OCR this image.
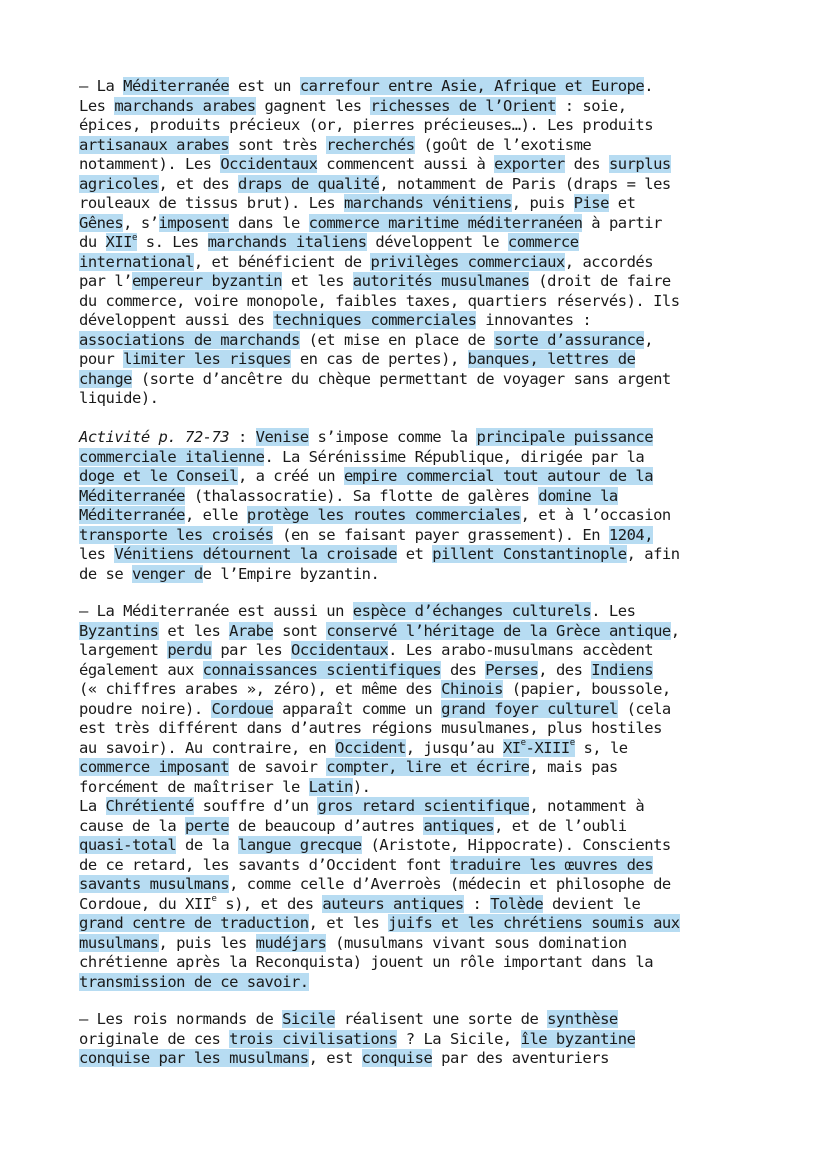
– La Méditerranée est un carrefour entre Asie, Afrique et Europe.
Les marchands arabes gagnent les richesses de l’Orient : soie,
épices, produits précieux (or, pierres précieuses…). Les produits
artisanaux arabes sont très recherchés (goût de l’exotisme
notamment). Les Occidentaux commencent aussi à exporter des surplus
agricoles, et des draps de qualité, notamment de Paris (draps = les
rouleaux de tissus brut). Les marchands vénitiens, puis Pise et
Gênes, s’imposent dans le commerce maritime méditerranéen à partir
du XIIe s. Les marchands italiens développent le commerce
international, et bénéficient de privilèges commerciaux, accordés
par l’empereur byzantin et les autorités musulmanes (droit de faire
du commerce, voire monopole, faibles taxes, quartiers réservés). Ils
développent aussi des techniques commerciales innovantes :
associations de marchands (et mise en place de sorte d’assurance,
pour limiter les risques en cas de pertes), banques, lettres de
change (sorte d’ancêtre du chèque permettant de voyager sans argent
liquide).
Activité p. 72-73 : Venise s’impose comme la principale puissance
commerciale italienne. La Sérénissime République, dirigée par la
doge et le Conseil, a créé un empire commercial tout autour de la
Méditerranée (thalassocratie). Sa flotte de galères domine la
Méditerranée, elle protège les routes commerciales, et à l’occasion
transporte les croisés (en se faisant payer grassement). En 1204,
les Vénitiens détournent la croisade et pillent Constantinople, afin
de se venger de l’Empire byzantin.
– La Méditerranée est aussi un espèce d’échanges culturels. Les
Byzantins et les Arabe sont conservé l’héritage de la Grèce antique,
largement perdu par les Occidentaux. Les arabo-musulmans accèdent
également aux connaissances scientifiques des Perses, des Indiens
(« chiffres arabes », zéro), et même des Chinois (papier, boussole,
poudre noire). Cordoue apparaît comme un grand foyer culturel (cela
est très différent dans d’autres régions musulmanes, plus hostiles
au savoir). Au contraire, en Occident, jusqu’au XIe-XIIIe s, le
commerce imposant de savoir compter, lire et écrire, mais pas
forcément de maîtriser le Latin).
La Chrétienté souffre d’un gros retard scientifique, notamment à
cause de la perte de beaucoup d’autres antiques, et de l’oubli
quasi-total de la langue grecque (Aristote, Hippocrate). Conscients
de ce retard, les savants d’Occident font traduire les œuvres des
savants musulmans, comme celle d’Averroès (médecin et philosophe de
Cordoue, du XIIe s), et des auteurs antiques : Tolède devient le
grand centre de traduction, et les juifs et les chrétiens soumis aux
musulmans, puis les mudéjars (musulmans vivant sous domination
chrétienne après la Reconquista) jouent un rôle important dans la
transmission de ce savoir.
– Les rois normands de Sicile réalisent une sorte de synthèse
originale de ces trois civilisations ? La Sicile, île byzantine
conquise par les musulmans, est conquise par des aventuriers
